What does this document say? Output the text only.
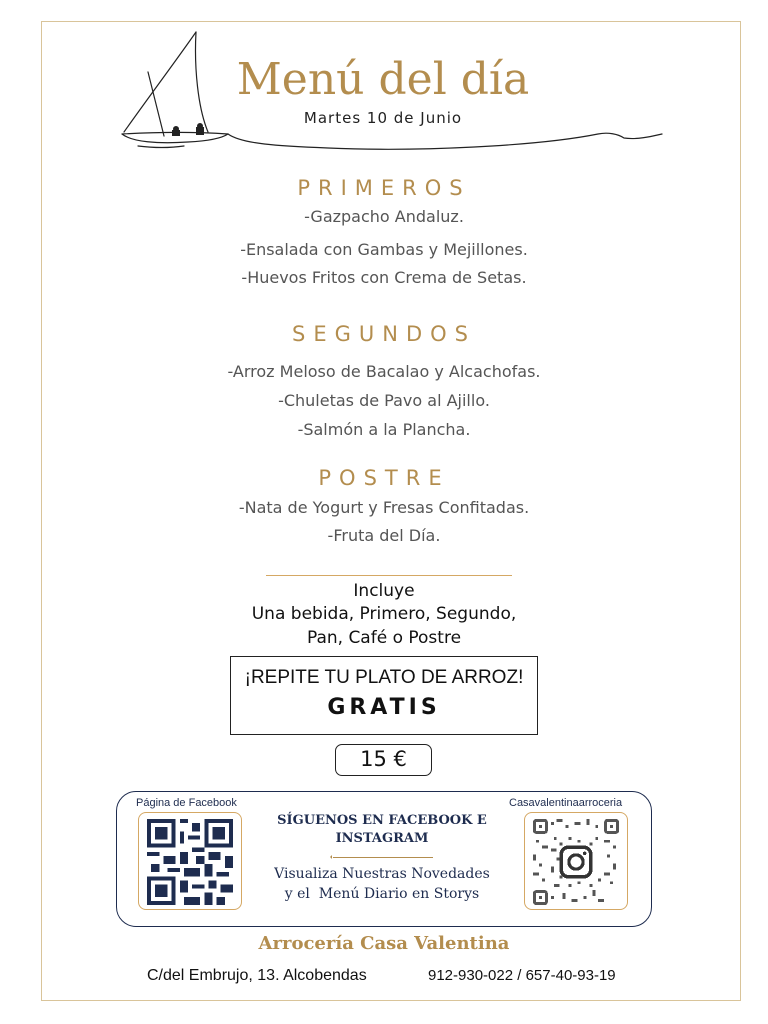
Menú del día
Martes 10 de Junio
PRIMEROS
-Gazpacho Andaluz.
-Ensalada con Gambas y Mejillones.
-Huevos Fritos con Crema de Setas.
SEGUNDOS
-Arroz Meloso de Bacalao y Alcachofas.
-Chuletas de Pavo al Ajillo.
-Salmón a la Plancha.
POSTRE
-Nata de Yogurt y Fresas Confitadas.
-Fruta del Día.
Incluye
Una bebida, Primero, Segundo,
Pan, Café o Postre
¡REPITE TU PLATO DE ARROZ!
GRATIS
15 €
Página de Facebook	Casavalentinaarroceria
SÍGUENOS EN FACEBOOK E
INSTAGRAM
Visualiza Nuestras Novedades
y el  Menú Diario en Storys
Arrocería Casa Valentina
C/del Embrujo, 13. Alcobendas	912-930-022 / 657-40-93-19
